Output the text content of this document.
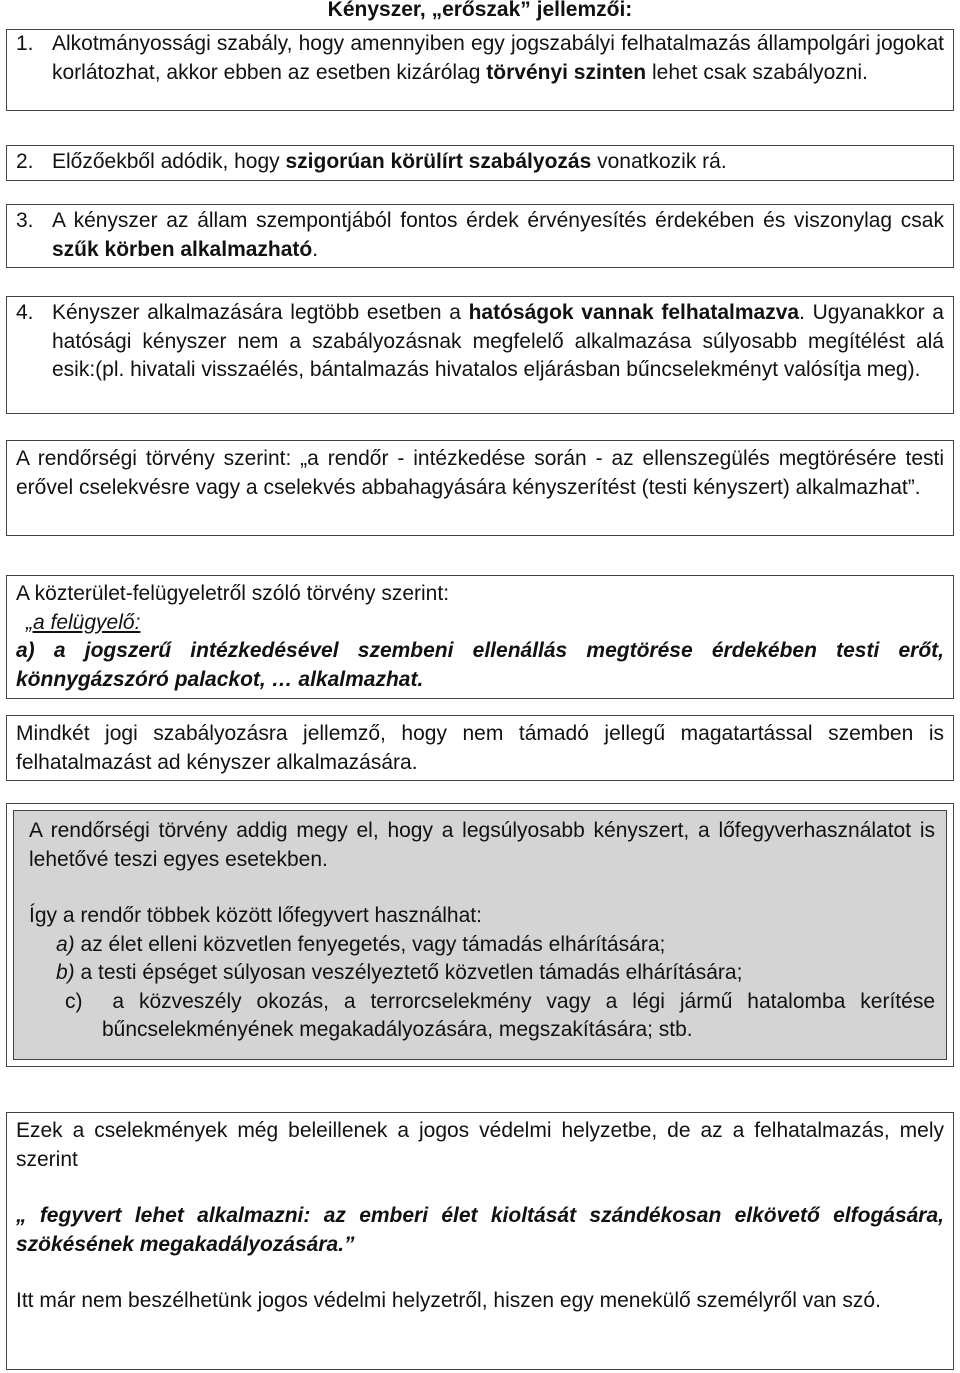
Kényszer, „erőszak” jellemzői:

1. Alkotmányossági szabály, hogy amennyiben egy jogszabályi felhatalmazás állampolgári jogokat korlátozhat, akkor ebben az esetben kizárólag törvényi szinten lehet csak szabályozni.

2. Előzőekből adódik, hogy szigorúan körülírt szabályozás vonatkozik rá.

3. A kényszer az állam szempontjából fontos érdek érvényesítés érdekében és viszonylag csak szűk körben alkalmazható.

4. Kényszer alkalmazására legtöbb esetben a hatóságok vannak felhatalmazva. Ugyanakkor a hatósági kényszer nem a szabályozásnak megfelelő alkalmazása súlyosabb megítélést alá esik:(pl. hivatali visszaélés, bántalmazás hivatalos eljárásban bűncselekményt valósítja meg).

A rendőrségi törvény szerint: „a rendőr - intézkedése során - az ellenszegülés megtörésére testi erővel cselekvésre vagy a cselekvés abbahagyására kényszerítést (testi kényszert) alkalmazhat”.

A közterület-felügyeletről szóló törvény szerint:

„a felügyelő:

a) a jogszerű intézkedésével szembeni ellenállás megtörése érdekében testi erőt, könnygázszóró palackot, … alkalmazhat.

Mindkét jogi szabályozásra jellemző, hogy nem támadó jellegű magatartással szemben is felhatalmazást ad kényszer alkalmazására.

A rendőrségi törvény addig megy el, hogy a legsúlyosabb kényszert, a lőfegyverhasználatot is lehetővé teszi egyes esetekben.

Így a rendőr többek között lőfegyvert használhat:

a) az élet elleni közvetlen fenyegetés, vagy támadás elhárítására;

b) a testi épséget súlyosan veszélyeztető közvetlen támadás elhárítására;

c) a közveszély okozás, a terrorcselekmény vagy a légi jármű hatalomba kerítése bűncselekményének megakadályozására, megszakítására; stb.

Ezek a cselekmények még beleillenek a jogos védelmi helyzetbe, de az a felhatalmazás, mely szerint

„ fegyvert lehet alkalmazni: az emberi élet kioltását szándékosan elkövető elfogására, szökésének megakadályozására.”

Itt már nem beszélhetünk jogos védelmi helyzetről, hiszen egy menekülő személyről van szó.
